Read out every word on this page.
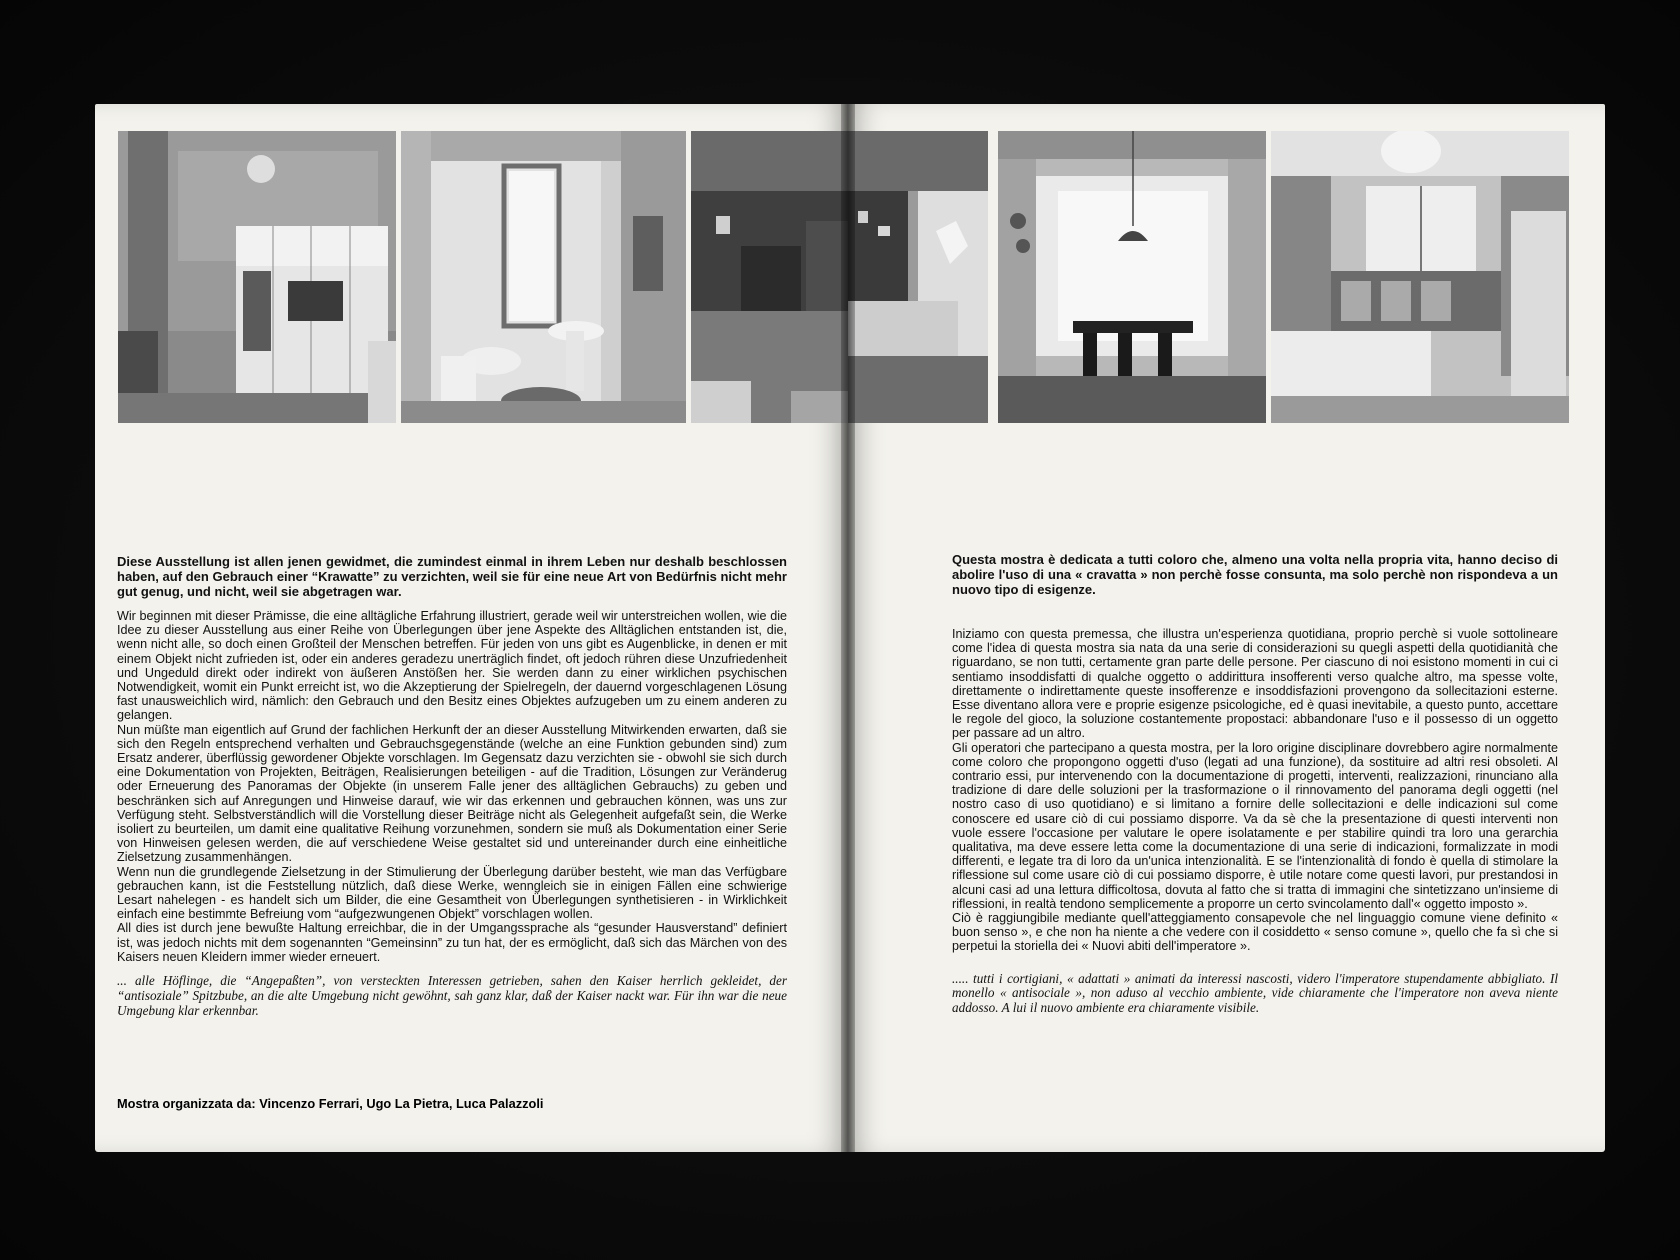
Diese Ausstellung ist allen jenen gewidmet, die zumindest einmal in ihrem Leben nur deshalb beschlossen haben, auf den Gebrauch einer “Krawatte” zu verzichten, weil sie für eine neue Art von Bedürfnis nicht mehr gut genug, und nicht, weil sie abgetragen war.

Wir beginnen mit dieser Prämisse, die eine alltägliche Erfahrung illustriert, gerade weil wir unterstreichen wollen, wie die Idee zu dieser Ausstellung aus einer Reihe von Überlegungen über jene Aspekte des Alltäglichen entstanden ist, die, wenn nicht alle, so doch einen Großteil der Menschen betreffen. Für jeden von uns gibt es Augenblicke, in denen er mit einem Objekt nicht zufrieden ist, oder ein anderes geradezu unerträglich findet, oft jedoch rühren diese Unzufriedenheit und Ungeduld direkt oder indirekt von äußeren Anstößen her. Sie werden dann zu einer wirklichen psychischen Notwendigkeit, womit ein Punkt erreicht ist, wo die Akzeptierung der Spielregeln, der dauernd vorgeschlagenen Lösung fast unausweichlich wird, nämlich: den Gebrauch und den Besitz eines Objektes aufzugeben um zu einem anderen zu gelangen.
Nun müßte man eigentlich auf Grund der fachlichen Herkunft der an dieser Ausstellung Mitwirkenden erwarten, daß sie sich den Regeln entsprechend verhalten und Gebrauchsgegenstände (welche an eine Funktion gebunden sind) zum Ersatz anderer, überflüssig gewordener Objekte vorschlagen. Im Gegensatz dazu verzichten sie - obwohl sie sich durch eine Dokumentation von Projekten, Beiträgen, Realisierungen beteiligen - auf die Tradition, Lösungen zur Veränderug oder Erneuerung des Panoramas der Objekte (in unserem Falle jener des alltäglichen Gebrauchs) zu geben und beschränken sich auf Anregungen und Hinweise darauf, wie wir das erkennen und gebrauchen können, was uns zur Verfügung steht. Selbstverständlich will die Vorstellung dieser Beiträge nicht als Gelegenheit aufgefaßt sein, die Werke isoliert zu beurteilen, um damit eine qualitative Reihung vorzunehmen, sondern sie muß als Dokumentation einer Serie von Hinweisen gelesen werden, die auf verschiedene Weise gestaltet sid und untereinander durch eine einheitliche Zielsetzung zusammenhängen.
Wenn nun die grundlegende Zielsetzung in der Stimulierung der Überlegung darüber besteht, wie man das Verfügbare gebrauchen kann, ist die Feststellung nützlich, daß diese Werke, wenngleich sie in einigen Fällen eine schwierige Lesart nahelegen - es handelt sich um Bilder, die eine Gesamtheit von Überlegungen synthetisieren - in Wirklichkeit einfach eine bestimmte Befreiung vom “aufgezwungenen Objekt” vorschlagen wollen.
All dies ist durch jene bewußte Haltung erreichbar, die in der Umgangssprache als “gesunder Hausverstand” definiert ist, was jedoch nichts mit dem sogenannten “Gemeinsinn” zu tun hat, der es ermöglicht, daß sich das Märchen von des Kaisers neuen Kleidern immer wieder erneuert.

... alle Höflinge, die “Angepaßten”, von versteckten Interessen getrieben, sahen den Kaiser herrlich gekleidet, der “antisoziale” Spitzbube, an die alte Umgebung nicht gewöhnt, sah ganz klar, daß der Kaiser nackt war. Für ihn war die neue Umgebung klar erkennbar.

Mostra organizzata da: Vincenzo Ferrari, Ugo La Pietra, Luca Palazzoli

Questa mostra è dedicata a tutti coloro che, almeno una volta nella propria vita, hanno deciso di abolire l'uso di una « cravatta » non perchè fosse consunta, ma solo perchè non rispondeva a un nuovo tipo di esigenze.

Iniziamo con questa premessa, che illustra un'esperienza quotidiana, proprio perchè si vuole sottolineare come l'idea di questa mostra sia nata da una serie di considerazioni su quegli aspetti della quotidianità che riguardano, se non tutti, certamente gran parte delle persone. Per ciascuno di noi esistono momenti in cui ci sentiamo insoddisfatti di qualche oggetto o addirittura insofferenti verso qualche altro, ma spesse volte, direttamente o indirettamente queste insofferenze e insoddisfazioni provengono da sollecitazioni esterne. Esse diventano allora vere e proprie esigenze psicologiche, ed è quasi inevitabile, a questo punto, accettare le regole del gioco, la soluzione costantemente propostaci: abbandonare l'uso e il possesso di un oggetto per passare ad un altro.
Gli operatori che partecipano a questa mostra, per la loro origine disciplinare dovrebbero agire normalmente come coloro che propongono oggetti d'uso (legati ad una funzione), da sostituire ad altri resi obsoleti. Al contrario essi, pur intervenendo con la documentazione di progetti, interventi, realizzazioni, rinunciano alla tradizione di dare delle soluzioni per la trasformazione o il rinnovamento del panorama degli oggetti (nel nostro caso di uso quotidiano) e si limitano a fornire delle sollecitazioni e delle indicazioni sul come conoscere ed usare ciò di cui possiamo disporre. Va da sè che la presentazione di questi interventi non vuole essere l'occasione per valutare le opere isolatamente e per stabilire quindi tra loro una gerarchia qualitativa, ma deve essere letta come la documentazione di una serie di indicazioni, formalizzate in modi differenti, e legate tra di loro da un'unica intenzionalità. E se l'intenzionalità di fondo è quella di stimolare la riflessione sul come usare ciò di cui possiamo disporre, è utile notare come questi lavori, pur prestandosi in alcuni casi ad una lettura difficoltosa, dovuta al fatto che si tratta di immagini che sintetizzano un'insieme di riflessioni, in realtà tendono semplicemente a proporre un certo svincolamento dall'« oggetto imposto ».
Ciò è raggiungibile mediante quell'atteggiamento consapevole che nel linguaggio comune viene definito « buon senso », e che non ha niente a che vedere con il cosiddetto « senso comune », quello che fa sì che si perpetui la storiella dei « Nuovi abiti dell'imperatore ».

..... tutti i cortigiani, « adattati » animati da interessi nascosti, videro l'imperatore stupendamente abbigliato. Il monello « antisociale », non aduso al vecchio ambiente, vide chiaramente che l'imperatore non aveva niente addosso. A lui il nuovo ambiente era chiaramente visibile.
